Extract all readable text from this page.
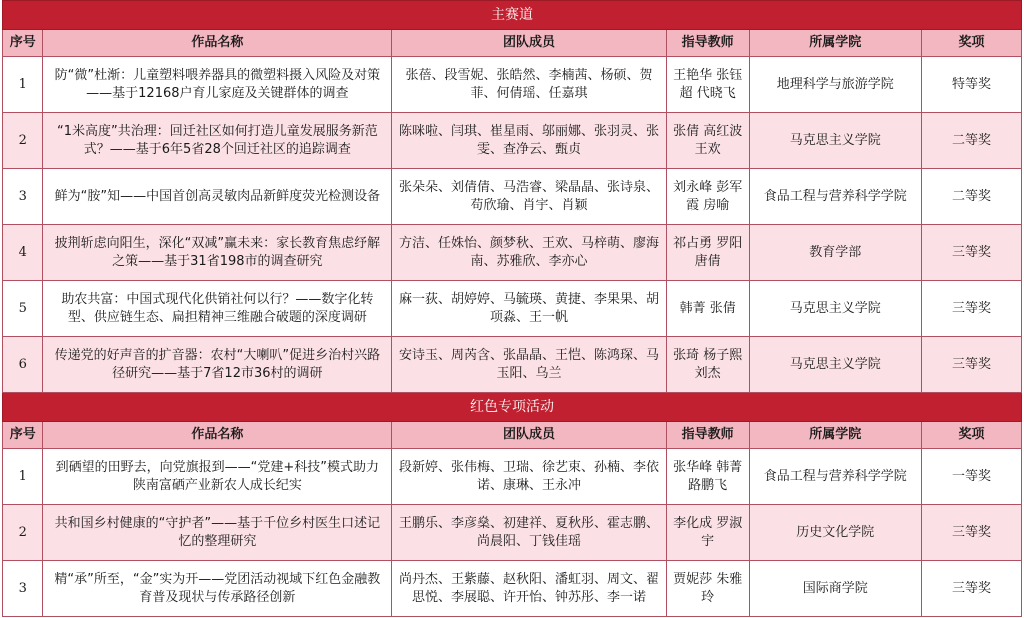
主赛道					
序号	作品名称	团队成员	指导教师	所属学院	奖项
1	防“微”杜渐：儿童塑料喂养器具的微塑料摄入风险及对策——基于12168户育儿家庭及关键群体的调查	张蓓、段雪妮、张皓然、李楠茜、杨硕、贺菲、何倩瑶、任嘉琪	王艳华 张钰超 代晓飞	地理科学与旅游学院	特等奖
2	“1米高度”共治理：回迁社区如何打造儿童发展服务新范式？——基于6年5省28个回迁社区的追踪调查	陈咪啦、闫琪、崔星雨、邬丽娜、张羽灵、张雯、查净云、甄贞	张倩 高红波 王欢	马克思主义学院	二等奖
3	鲜为“胺”知——中国首创高灵敏肉品新鲜度荧光检测设备	张朵朵、刘倩倩、马浩睿、梁晶晶、张诗泉、苟欣瑜、肖宇、肖颖	刘永峰 彭军霞 房喻	食品工程与营养科学学院	二等奖
4	披荆斩虑向阳生，深化“双减”赢未来：家长教育焦虑纾解之策——基于31省198市的调查研究	方洁、任姝怡、颜梦秋、王欢、马梓萌、廖海南、苏雅欣、李亦心	祁占勇 罗阳 唐倩	教育学部	三等奖
5	助农共富：中国式现代化供销社何以行？——数字化转型、供应链生态、扁担精神三维融合破题的深度调研	麻一荻、胡婷婷、马毓瑛、黄捷、李果果、胡项淼、王一帆	韩菁 张倩	马克思主义学院	三等奖
6	传递党的好声音的扩音器：农村“大喇叭”促进乡治村兴路径研究——基于7省12市36村的调研	安诗玉、周芮含、张晶晶、王恺、陈鸿琛、马玉阳、乌兰	张琦 杨子熙 刘杰	马克思主义学院	三等奖
红色专项活动					
序号	作品名称	团队成员	指导教师	所属学院	奖项
1	到硒望的田野去，向党旗报到——“党建+科技”模式助力陕南富硒产业新农人成长纪实	段新婷、张伟梅、卫瑞、徐艺束、孙楠、李依诺、康琳、王永冲	张华峰 韩菁 路鹏飞	食品工程与营养科学学院	一等奖
2	共和国乡村健康的“守护者”——基于千位乡村医生口述记忆的整理研究	王鹏乐、李彦燊、初建祥、夏秋彤、霍志鹏、尚晨阳、丁钱佳瑶	李化成 罗淑宇	历史文化学院	三等奖
3	精“承”所至，“金”实为开——党团活动视域下红色金融教育普及现状与传承路径创新	尚丹杰、王紫藤、赵秋阳、潘虹羽、周文、翟思悦、李展聪、许开怡、钟苏彤、李一诺	贾妮莎 朱雅玲	国际商学院	三等奖
